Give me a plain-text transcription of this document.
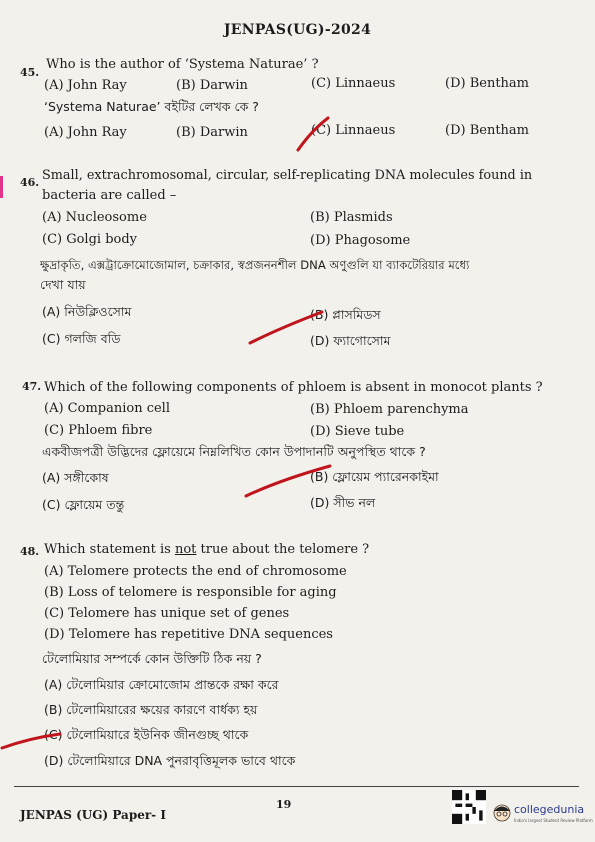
JENPAS(UG)-2024
45.
Who is the author of ‘Systema Naturae’ ?
(A) John Ray	(B) Darwin	(C) Linnaeus	(D) Bentham
‘Systema Naturae’ বইটির লেখক কে ?
(A) John Ray	(B) Darwin	(C) Linnaeus	(D) Bentham
46. Small, extrachromosomal, circular, self-replicating DNA molecules found in
bacteria are called –
(A) Nucleosome	(B) Plasmids
(C) Golgi body	(D) Phagosome
ক্ষুদ্রাকৃতি, এক্সট্রাক্রোমোজোমাল, চক্রাকার, স্বপ্রজননশীল DNA অণুগুলি যা ব্যাকটেরিয়ার মধ্যে
দেখা যায়
(A) নিউক্লিওসোম	(B) প্লাসমিডস
(C) গলজি বডি	(D) ফ্যাগোসোম
47. Which of the following components of phloem is absent in monocot plants ?
(A) Companion cell	(B) Phloem parenchyma
(C) Phloem fibre	(D) Sieve tube
একবীজপত্রী উদ্ভিদের ফ্লোয়েমে নিম্নলিখিত কোন উপাদানটি অনুপস্থিত থাকে ?
(A) সঙ্গীকোষ	(B) ফ্লোয়েম প্যারেনকাইমা
(C) ফ্লোয়েম তন্তু	(D) সীভ নল
48. Which statement is not true about the telomere ?
(A) Telomere protects the end of chromosome
(B) Loss of telomere is responsible for aging
(C) Telomere has unique set of genes
(D) Telomere has repetitive DNA sequences
টেলোমিয়ার সম্পর্কে কোন উক্তিটি ঠিক নয় ?
(A) টেলোমিয়ার ক্রোমোজোম প্রান্তকে রক্ষা করে
(B) টেলোমিয়ারের ক্ষয়ের কারণে বার্ধক্য হয়
(C) টেলোমিয়ারে ইউনিক জীনগুচ্ছ থাকে
(D) টেলোমিয়ারে DNA পুনরাবৃত্তিমূলক ভাবে থাকে
JENPAS (UG) Paper- I
19	collegedunia
India's largest Student Review Platform
